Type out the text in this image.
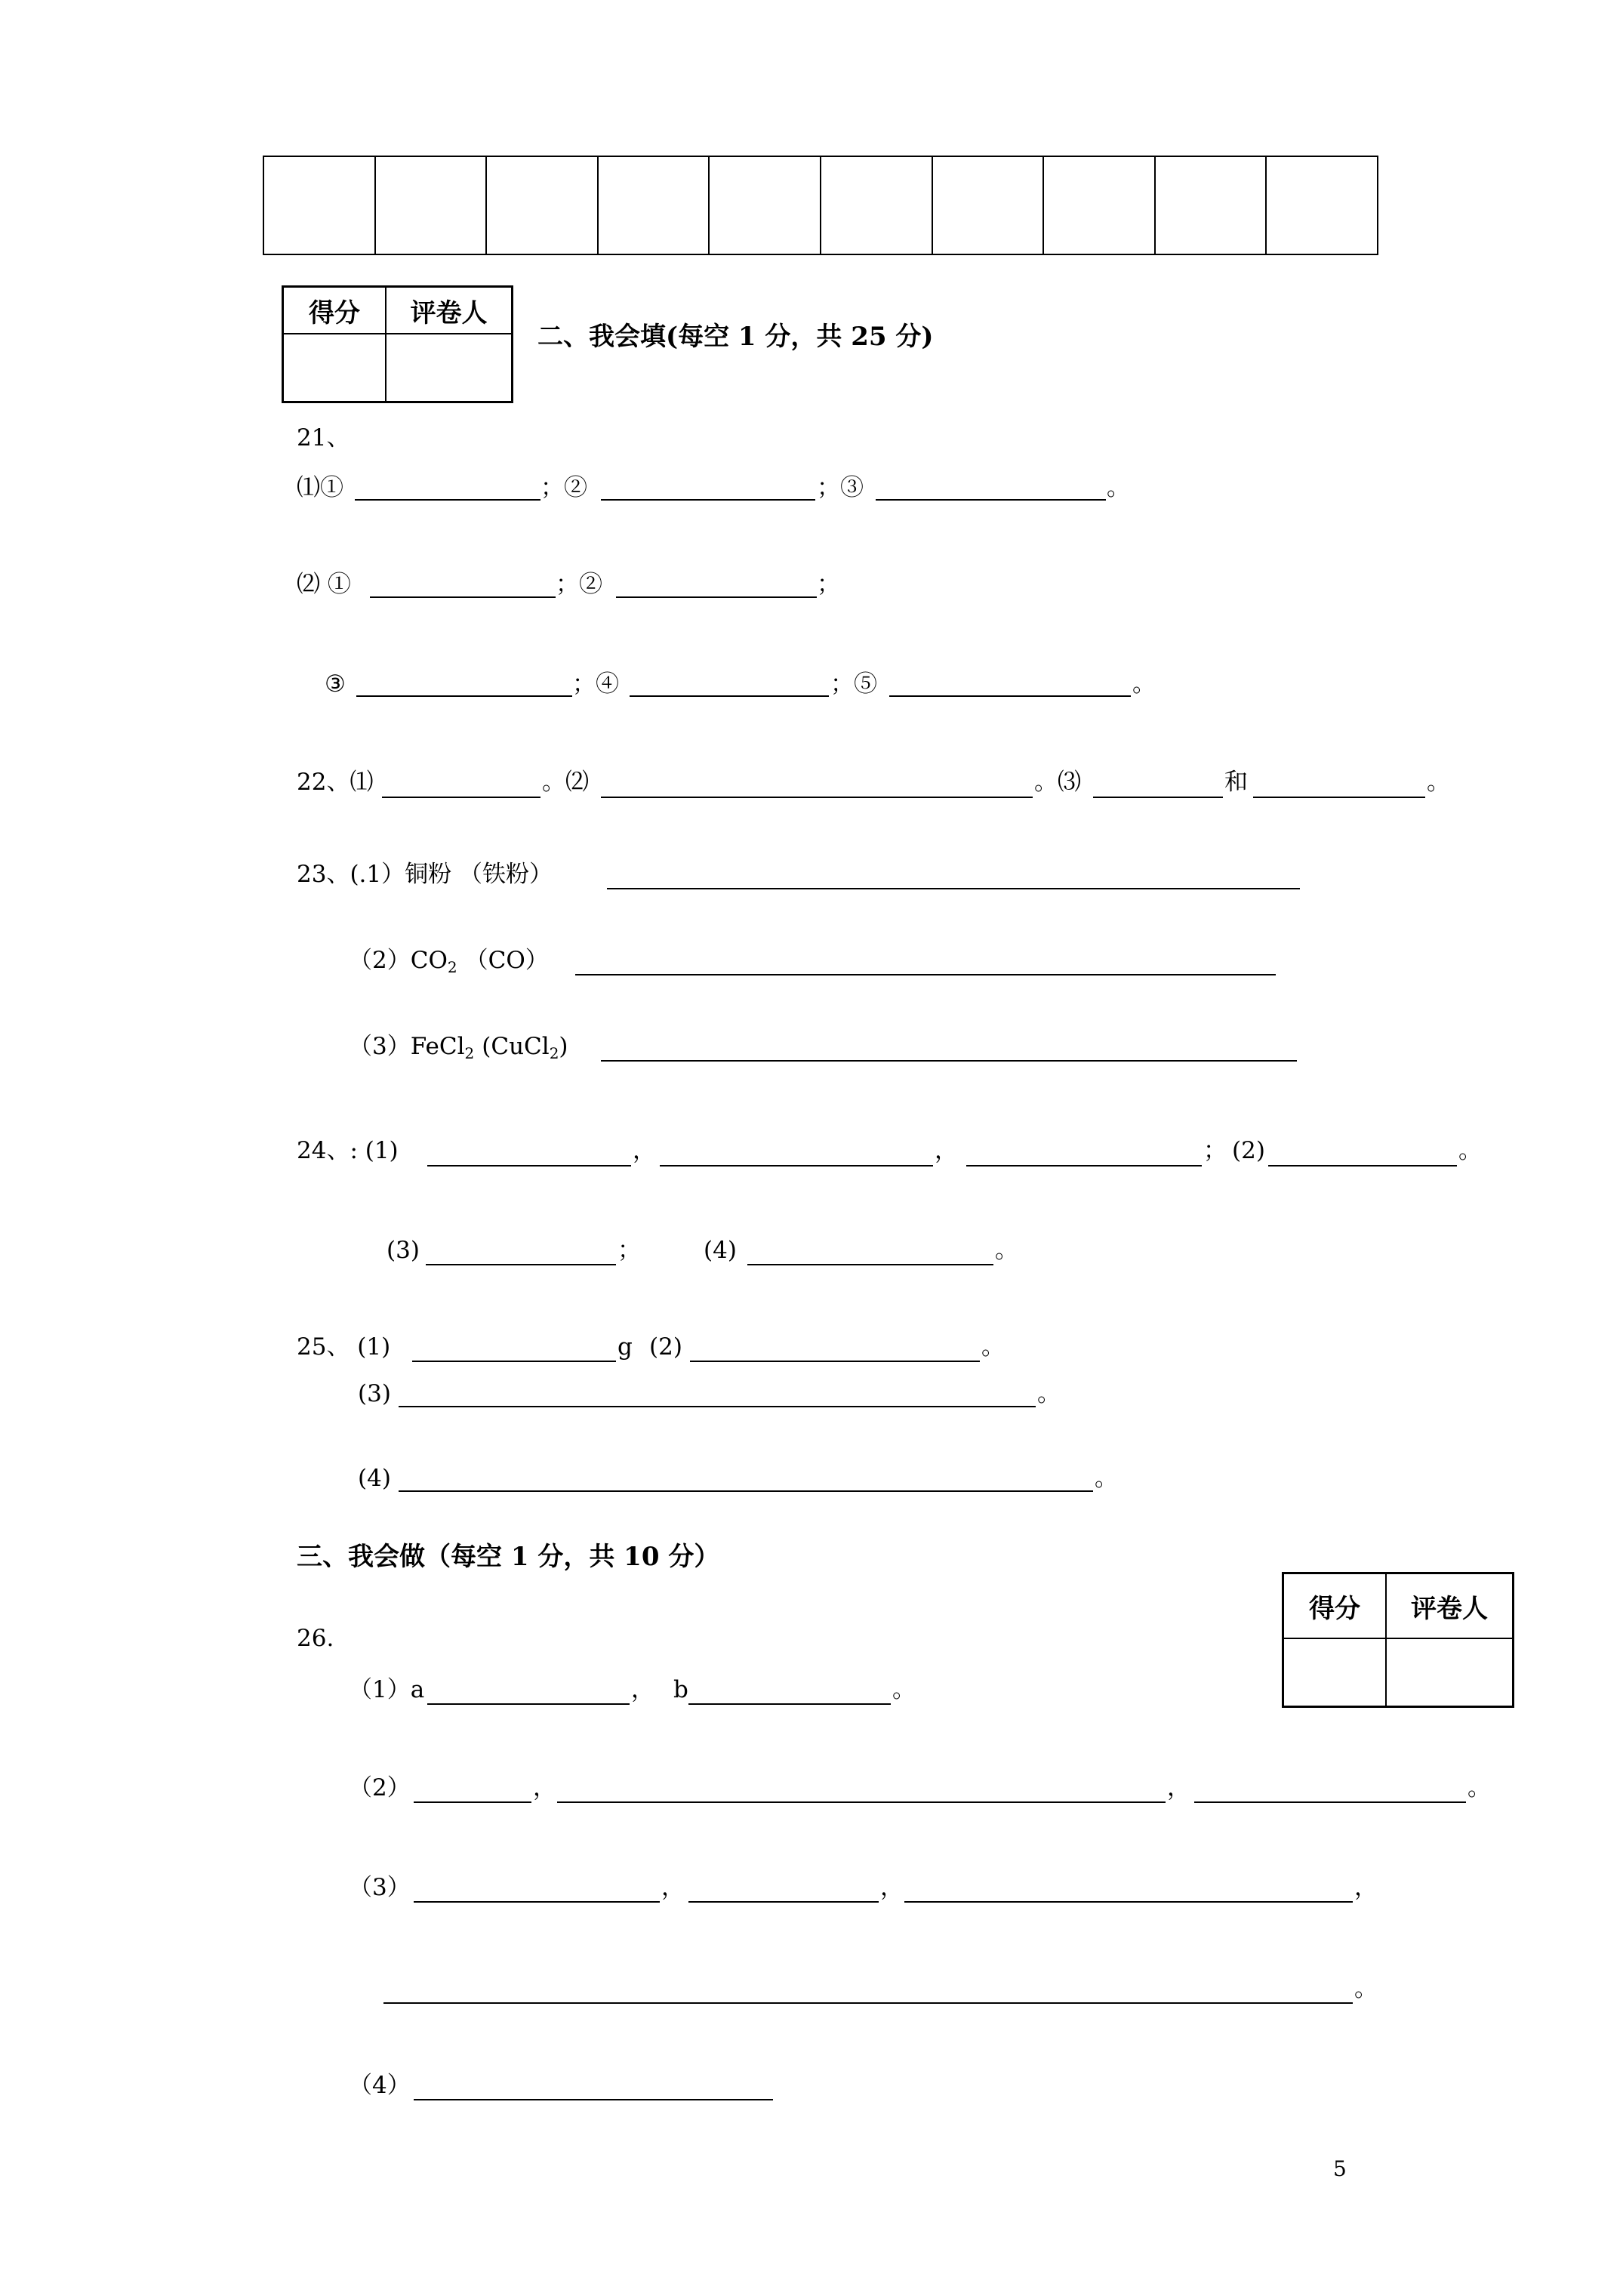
得分	评卷人
二、我会填(每空 1 分，共 25 分)
21、
⑴①	；②	；③	。
⑵ ①	；②	；
③	；④	；⑤	。
22、⑴	。⑵	。⑶	和	。
23、(.1）铜粉 （铁粉）
$(2)CO_2$ （CO）
（3）FeCl$_2$ (CuCl$_2$)
24、: (1)	，	，	； (2)	。
(3)	；	(4)	。
25、 (1)	g (2)	。
(3)	。
(4)	。
三、我会做（每空 1 分，共 10 分）
得分	评卷人
26.
（1）a	， b	。
（2）	，	，	。
（3）	，	，	，
。
（4）
5
